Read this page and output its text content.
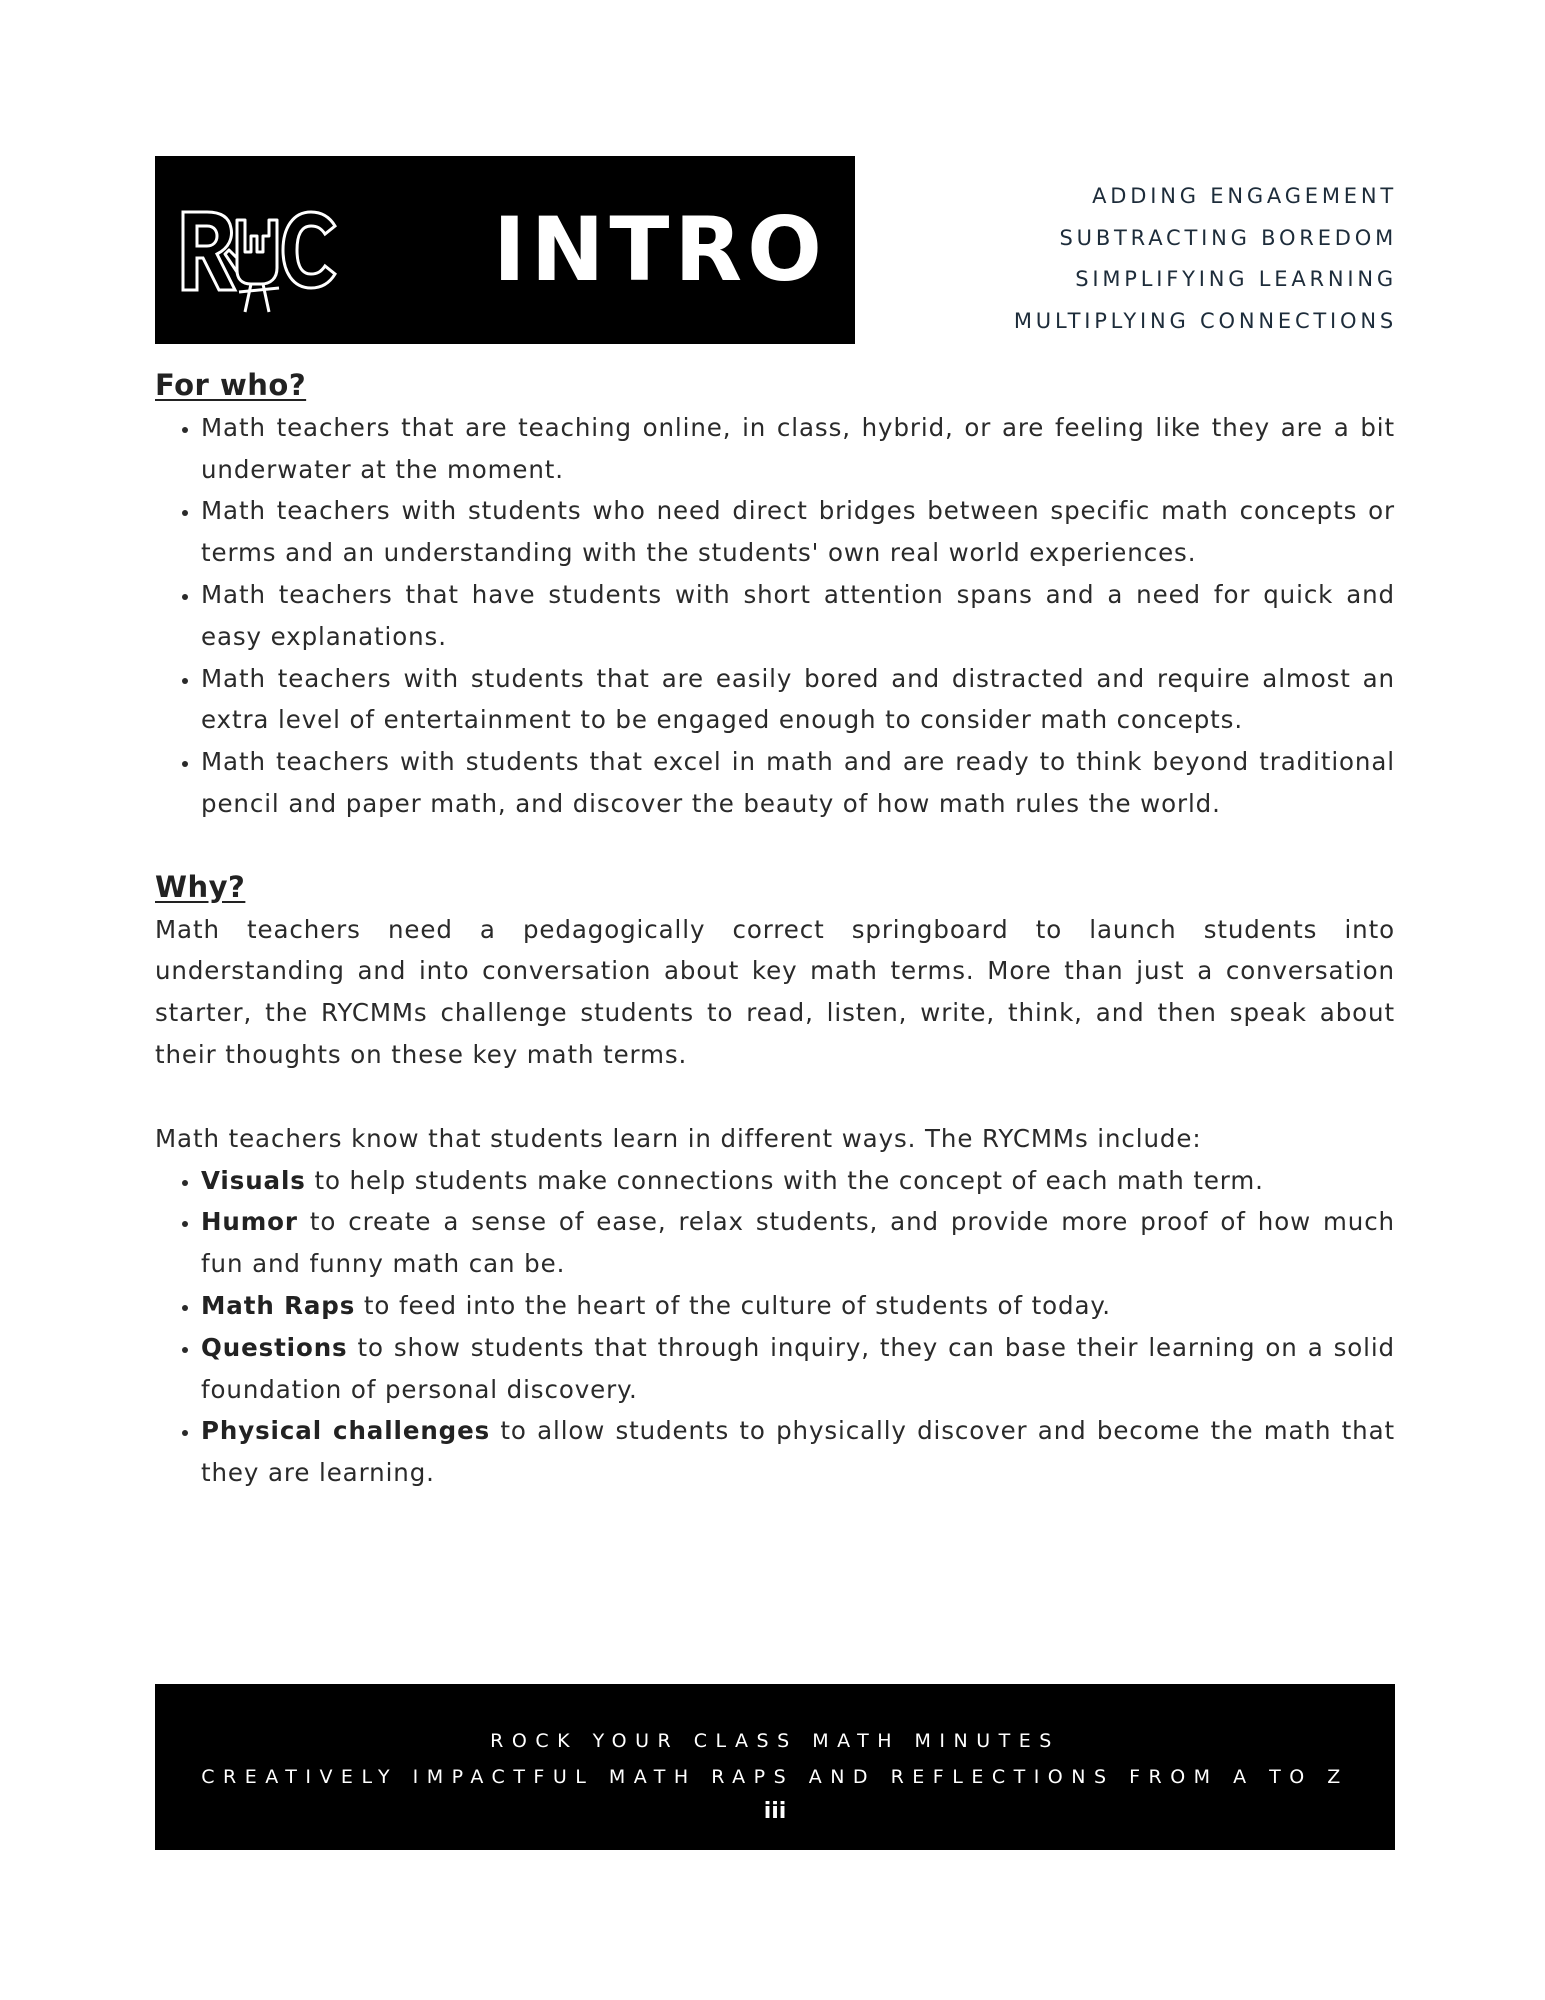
INTRO
ADDING ENGAGEMENT
SUBTRACTING BOREDOM
SIMPLIFYING LEARNING
MULTIPLYING CONNECTIONS
For who?
• Math teachers that are teaching online, in class, hybrid, or are feeling like they are a bit underwater at the moment.
• Math teachers with students who need direct bridges between specific math concepts or terms and an understanding with the students' own real world experiences.
• Math teachers that have students with short attention spans and a need for quick and easy explanations.
• Math teachers with students that are easily bored and distracted and require almost an extra level of entertainment to be engaged enough to consider math concepts.
• Math teachers with students that excel in math and are ready to think beyond traditional pencil and paper math, and discover the beauty of how math rules the world.
Why?

Math teachers need a pedagogically correct springboard to launch students into understanding and into conversation about key math terms. More than just a conversation starter, the RYCMMs challenge students to read, listen, write, think, and then speak about their thoughts on these key math terms.

Math teachers know that students learn in different ways. The RYCMMs include:

• Visuals to help students make connections with the concept of each math term.
• Humor to create a sense of ease, relax students, and provide more proof of how much fun and funny math can be.
• Math Raps to feed into the heart of the culture of students of today.
• Questions to show students that through inquiry, they can base their learning on a solid foundation of personal discovery.
• Physical challenges to allow students to physically discover and become the math that they are learning.
ROCK YOUR CLASS MATH MINUTES
CREATIVELY IMPACTFUL MATH RAPS AND REFLECTIONS FROM A TO Z
iii
